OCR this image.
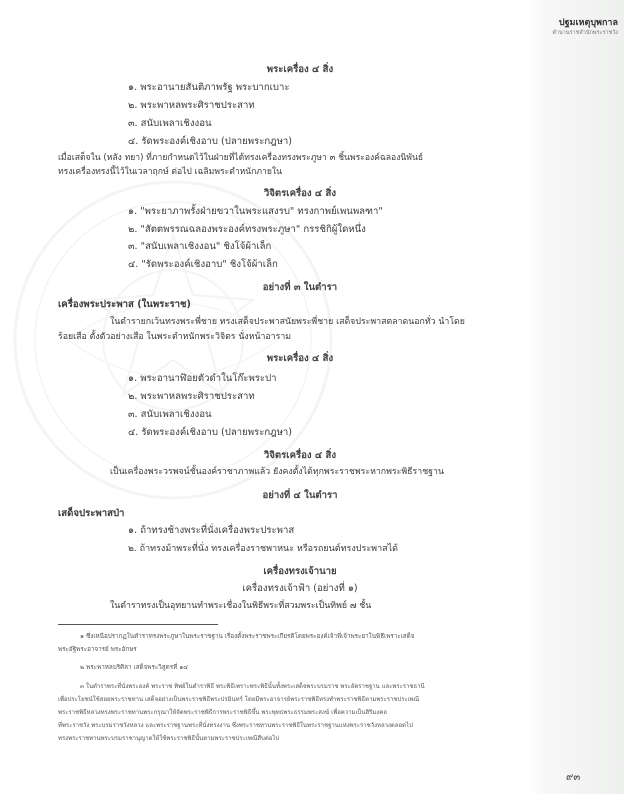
ปฐมเหตุบุพกาล
ตำนานราชสำนักพระราชวัง
พระเครื่อง ๔ สิ่ง
๑. พระอานายสันติภาพรัฐ พระบากเบาะ
๒. พระพาหลพระศิราชประสาท
๓. สนับเพลาเชิงงอน
๔. รัดพระองค์เชิงอาบ (ปลายพระกฎษา)
เมื่อเสด็จใน (หลัง ทยา) ที่ภายกำหนดไว้ในฝ่ายที่ได้ทรงเครื่องทรงพระภูษา ๓ ชิ้นพระองค์ฉลองนิพันธ์
ทรงเครื่องทรงนี้ไว้ในเวลาฤกษ์ ต่อไป เฉลิมพระตำหนักภายใน
วิจิตรเครื่อง ๔ สิ่ง
๑. "พระยาภาพรั้งฝ่ายขวาในพระแสงรบ" ทรงกาพย์เพนพลฑา"
๒. "สัตตพรรณฉลองพระองค์ทรงพระภูษา" กรรชิกิผู้ใดหนึ่ง
๓. "สนับเพลาเชิงงอน" ชิงโจ้ผ้าเล็ก
๔. "รัดพระองค์เชิงอาบ" ชิงโจ้ผ้าเล็ก
อย่างที่ ๓ ในตำรา
เครื่องพระประพาส (ในพระราช)
ในตำรายกเว้นทรงพระพี่ชาย ทรงเสด็จประพาสนัยพระพี่ชาย เสด็จประพาสตลาดนอกทั่ว นำโดย
ร้อยเสือ ตั้งตัวอย่างเสือ ในพระตำหนักพระวิจิตร นั่งหน้าอาราม
พระเครื่อง ๔ สิ่ง
๑. พระอานาฬ้อยตัวดำในโก๊ะพระปา
๒. พระพาหลพระศิราชประสาท
๓. สนับเพลาเชิงงอน
๔. รัดพระองค์เชิงอาบ (ปลายพระกฎษา)
วิจิตรเครื่อง ๔ สิ่ง
เป็นเครื่องพระวรพจน์ชั้นองค์ราชาภาพแล้ว ยังคงตั้งได้ทุกพระราชพระหากพระพิธีราชฐาน
อย่างที่ ๔ ในตำรา
เสด็จประพาสป่า
๑. ถ้าทรงช้างพระที่นั่งเครื่องพระประพาส
๒. ถ้าทรงม้าพระที่นั่ง ทรงเครื่องราชพาหนะ หรือรถยนต์ทรงประพาสได้
เครื่องทรงเจ้านาย
เครื่องทรงเจ้าฟ้า (อย่างที่ ๑)
ในตำราทรงเป็นอุทยานทำพระเชื่องในพิธีพระที่สวมพระเป็นทิพย์ ๗ ชั้น
๑ ซึ่งเหนือปรากฏในตำราทรงพระภูษาในพระราชฐาน เรื่องตั้งพระราชพระเกียรติโดยพระองค์เจ้าพี่เจ้าพระยาในพิธีเพราะเสด็จ
พระอัฐิพระอาจารย์ พระอักษร
๒ พระพาหลบริศิลา เสด็จพระวิสูตรที่ ๑๔
๓ ในตำราพระที่นั่งพระองค์ พระราช ทิพย์ในตำราพิธี พระพิธีเพราะพระพิธีนั้นทั้งพระเสด็จพระบรมราช พระอัตราชฐาน และพระราชธานี
เพื่อประโยชน์ใช้สอยพระราชทาน เสด็จอย่างเป็นพระราชพิธีพระปรมินทร์ โดยมีพระอาจารย์พระราชพิธีทรงทำพระราชพิธีตามพระราชประเพณี
พระราชพิธีหลวงทรงพระราชทานพระกรุณาให้จัดพระราชพิธีการพระราชพิธีขึ้น พระพุทธพระธรรมพระสงฆ์ เพื่อความเป็นสิริมงคล
ที่พระราชวัง พระบรมราชวังหลวง และพระราชฐานพระที่นั่งทรงงาน ซึ่งพระราชทานพระราชพิธีในพระราชฐานแห่งพระราชวังหลวงตลอดไป
ทรงพระราชทานพระบรมราชานุญาตให้ใช้พระราชพิธีนั้นตามพระราชประเพณีสืบต่อไป
๙๓
